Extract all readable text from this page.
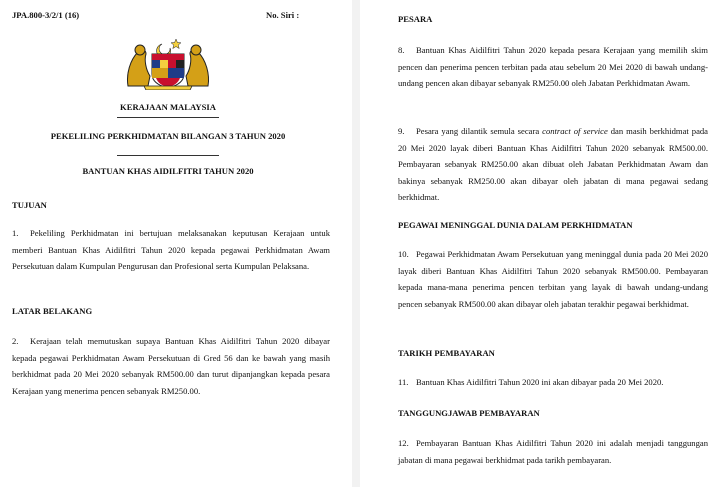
JPA.800-3/2/1 (16)	No. Siri :
KERAJAAN MALAYSIA
PEKELILING PERKHIDMATAN BILANGAN 3 TAHUN 2020
BANTUAN KHAS AIDILFITRI TAHUN 2020
TUJUAN
1. Pekeliling Perkhidmatan ini bertujuan melaksanakan keputusan Kerajaan untuk memberi Bantuan Khas Aidilfitri Tahun 2020 kepada pegawai Perkhidmatan Awam Persekutuan dalam Kumpulan Pengurusan dan Profesional serta Kumpulan Pelaksana.
LATAR BELAKANG
2. Kerajaan telah memutuskan supaya Bantuan Khas Aidilfitri Tahun 2020 dibayar kepada pegawai Perkhidmatan Awam Persekutuan di Gred 56 dan ke bawah yang masih berkhidmat pada 20 Mei 2020 sebanyak RM500.00 dan turut dipanjangkan kepada pesara Kerajaan yang menerima pencen sebanyak RM250.00.
PESARA
8. Bantuan Khas Aidilfitri Tahun 2020 kepada pesara Kerajaan yang memilih skim pencen dan penerima pencen terbitan pada atau sebelum 20 Mei 2020 di bawah undang-undang pencen akan dibayar sebanyak RM250.00 oleh Jabatan Perkhidmatan Awam.
9. Pesara yang dilantik semula secara contract of service dan masih berkhidmat pada 20 Mei 2020 layak diberi Bantuan Khas Aidilfitri Tahun 2020 sebanyak RM500.00. Pembayaran sebanyak RM250.00 akan dibuat oleh Jabatan Perkhidmatan Awam dan bakinya sebanyak RM250.00 akan dibayar oleh jabatan di mana pegawai sedang berkhidmat.
PEGAWAI MENINGGAL DUNIA DALAM PERKHIDMATAN
10. Pegawai Perkhidmatan Awam Persekutuan yang meninggal dunia pada 20 Mei 2020 layak diberi Bantuan Khas Aidilfitri Tahun 2020 sebanyak RM500.00. Pembayaran kepada mana-mana penerima pencen terbitan yang layak di bawah undang-undang pencen sebanyak RM500.00 akan dibayar oleh jabatan terakhir pegawai berkhidmat.
TARIKH PEMBAYARAN
11. Bantuan Khas Aidilfitri Tahun 2020 ini akan dibayar pada 20 Mei 2020.
TANGGUNGJAWAB PEMBAYARAN
12. Pembayaran Bantuan Khas Aidilfitri Tahun 2020 ini adalah menjadi tanggungan jabatan di mana pegawai berkhidmat pada tarikh pembayaran.
